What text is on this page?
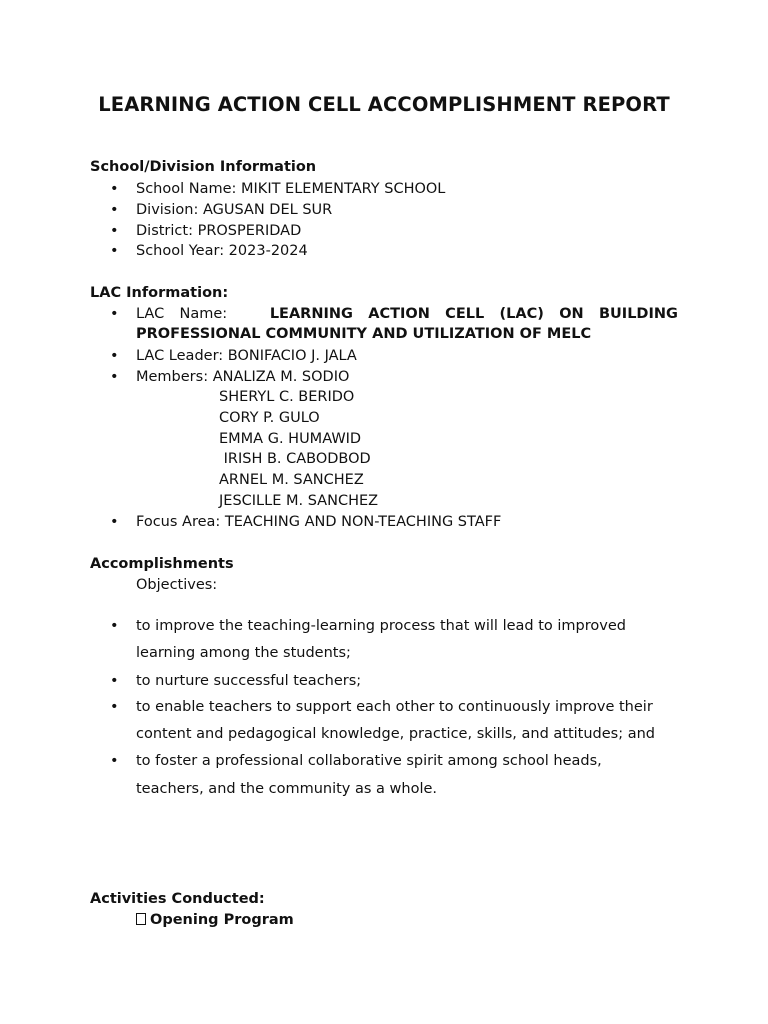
LEARNING ACTION CELL ACCOMPLISHMENT REPORT
School/Division Information
• School Name: MIKIT ELEMENTARY SCHOOL
• Division: AGUSAN DEL SUR
• District: PROSPERIDAD
• School Year: 2023-2024
LAC Information:
• LAC Name:	LEARNING ACTION CELL (LAC) ON BUILDING
PROFESSIONAL COMMUNITY AND UTILIZATION OF MELC
• LAC Leader: BONIFACIO J. JALA
• Members: ANALIZA M. SODIO
SHERYL C. BERIDO
CORY P. GULO
EMMA G. HUMAWID
IRISH B. CABODBOD
ARNEL M. SANCHEZ
JESCILLE M. SANCHEZ
• Focus Area: TEACHING AND NON-TEACHING STAFF
Accomplishments
Objectives:
• to improve the teaching-learning process that will lead to improved
learning among the students;
• to nurture successful teachers;
• to enable teachers to support each other to continuously improve their
content and pedagogical knowledge, practice, skills, and attitudes; and
• to foster a professional collaborative spirit among school heads,
teachers, and the community as a whole.
Activities Conducted:
Opening Program
